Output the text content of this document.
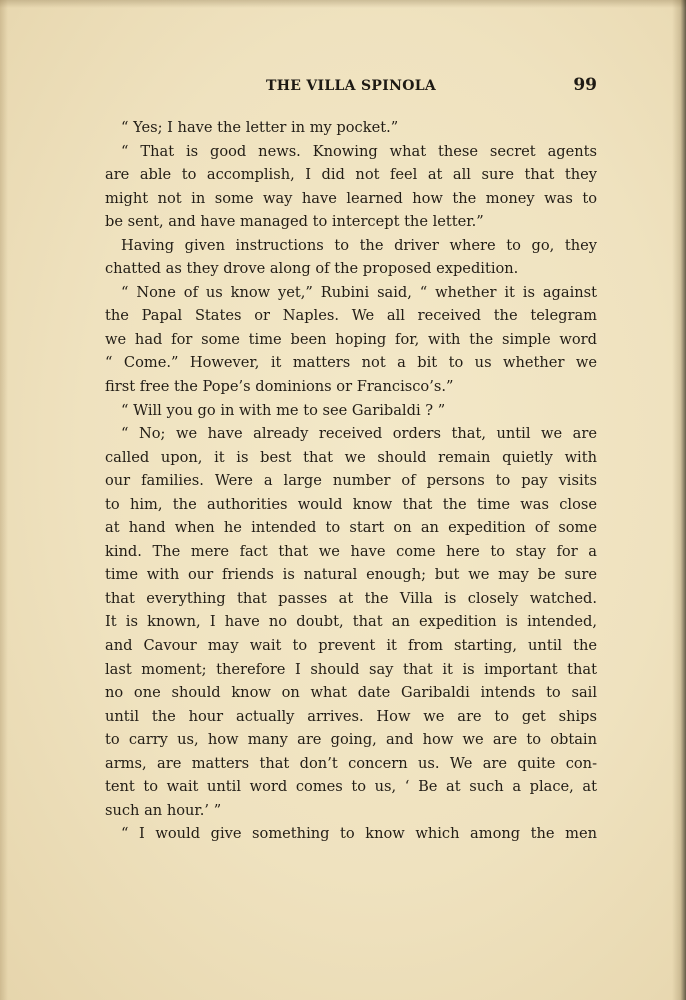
THE VILLA SPINOLA	99
“ Yes; I have the letter in my pocket.”
“ That is good news. Knowing what these secret agents
are able to accomplish, I did not feel at all sure that they
might not in some way have learned how the money was to
be sent, and have managed to intercept the letter.”
Having given instructions to the driver where to go, they
chatted as they drove along of the proposed expedition.
“ None of us know yet,” Rubini said, “ whether it is against
the Papal States or Naples. We all received the telegram
we had for some time been hoping for, with the simple word
“ Come.” However, it matters not a bit to us whether we
first free the Pope’s dominions or Francisco’s.”
“ Will you go in with me to see Garibaldi ? ”
“ No; we have already received orders that, until we are
called upon, it is best that we should remain quietly with
our families. Were a large number of persons to pay visits
to him, the authorities would know that the time was close
at hand when he intended to start on an expedition of some
kind. The mere fact that we have come here to stay for a
time with our friends is natural enough; but we may be sure
that everything that passes at the Villa is closely watched.
It is known, I have no doubt, that an expedition is intended,
and Cavour may wait to prevent it from starting, until the
last moment; therefore I should say that it is important that
no one should know on what date Garibaldi intends to sail
until the hour actually arrives. How we are to get ships
to carry us, how many are going, and how we are to obtain
arms, are matters that don’t concern us. We are quite con-
tent to wait until word comes to us, ‘ Be at such a place, at
such an hour.’ ”
“ I would give something to know which among the men
